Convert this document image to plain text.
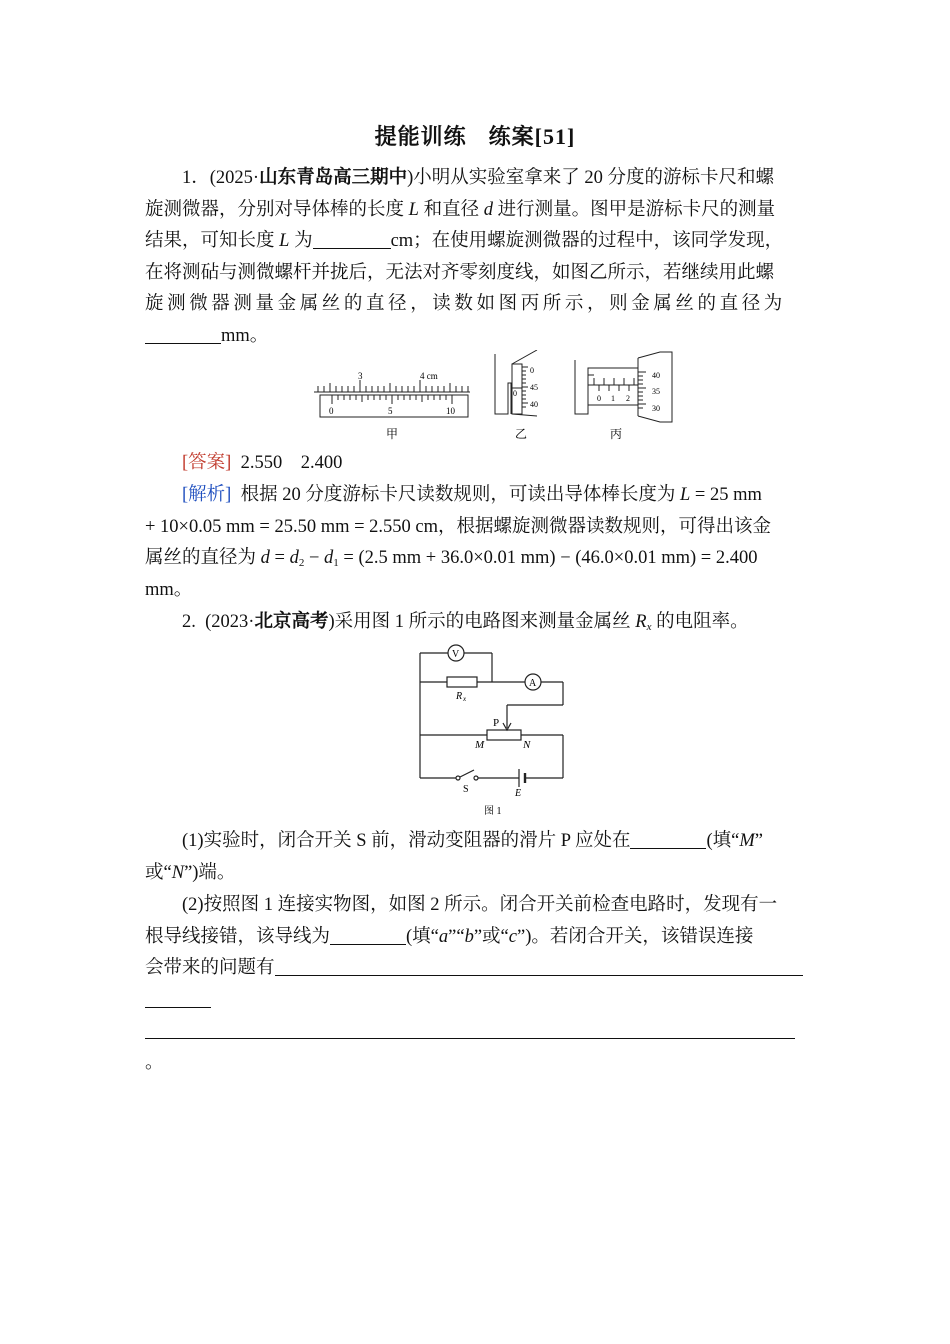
提能训练 练案[51]
1．(2025·山东青岛高三期中)小明从实验室拿来了 20 分度的游标卡尺和螺
旋测微器，分别对导体棒的长度 L 和直径 d 进行测量。图甲是游标卡尺的测量
结果，可知长度 L 为	cm；在使用螺旋测微器的过程中，该同学发现，
在将测砧与测微螺杆并拢后，无法对齐零刻度线，如图乙所示，若继续用此螺
旋测微器测量金属丝的直径，读数如图丙所示，则金属丝的直径为
mm。
3	4 cm
0	5	10
甲
0
45
40
0
乙
40
35
30
0 1 2
丙
[答案]  2.550　2.400
[解析]  根据 20 分度游标卡尺读数规则，可读出导体棒长度为 L = 25 mm
+ 10×0.05 mm = 25.50 mm = 2.550 cm，根据螺旋测微器读数规则，可得出该金
属丝的直径为 $d = d_2 - d_1 = (2.5$ mm + 36.0×0.01 mm) − (46.0×0.01 mm) = 2.400
mm。
2.  (2023·北京高考)采用图 1 所示的电路图来测量金属丝 $R_x$ 的电阻率。
V
A
R x
P
M	N
S	E
图 1
(1)实验时，闭合开关 S 前，滑动变阻器的滑片 P 应处在	(填“M”
或“N”)端。
(2)按照图 1 连接实物图，如图 2 所示。闭合开关前检查电路时，发现有一
根导线接错，该导线为	(填“a”“b”或“c”)。若闭合开关，该错误连接
会带来的问题有
。
